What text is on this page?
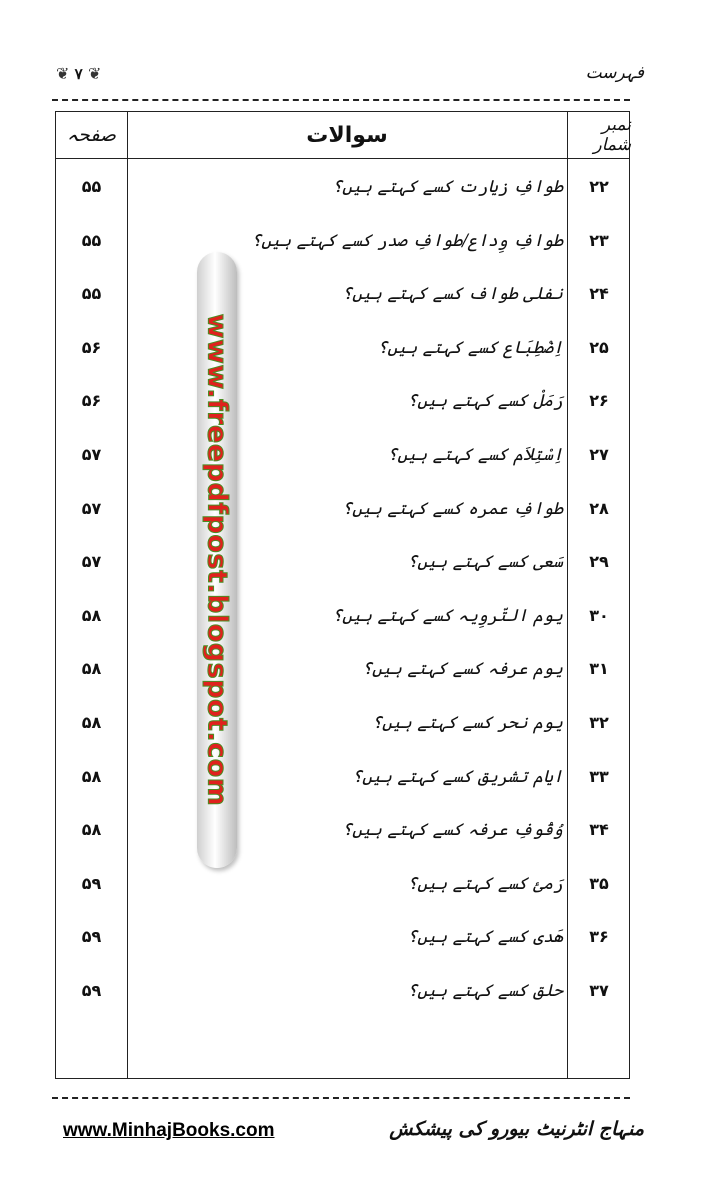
فہرست
❦ ۷ ❦
صفحہ	سوالات	نمبر شمار
۵۵	طوافِ زیارت کسے کہتے ہیں؟	۲۲
۵۵	طوافِ وِداع/طوافِ صدر کسے کہتے ہیں؟	۲۳
۵۵	نفلی طواف کسے کہتے ہیں؟	۲۴
۵۶	اِضْطِبَاع کسے کہتے ہیں؟	۲۵
۵۶	رَمَلْ کسے کہتے ہیں؟	۲۶
۵۷	اِسْتِلاَم کسے کہتے ہیں؟	۲۷
۵۷	طوافِ عمرہ کسے کہتے ہیں؟	۲۸
۵۷	سَعی کسے کہتے ہیں؟	۲۹
۵۸	یوم التّروِیہ کسے کہتے ہیں؟	۳۰
۵۸	یوم عرفہ کسے کہتے ہیں؟	۳۱
۵۸	یوم نحر کسے کہتے ہیں؟	۳۲
۵۸	ایام تشریق کسے کہتے ہیں؟	۳۳
۵۸	وُقُوفِ عرفہ کسے کہتے ہیں؟	۳۴
۵۹	رَمیٔ کسے کہتے ہیں؟	۳۵
۵۹	ھَدی کسے کہتے ہیں؟	۳۶
۵۹	حلق کسے کہتے ہیں؟	۳۷
www.freepdfpost.blogspot.com
www.MinhajBooks.com	منہاج انٹرنیٹ بیورو کی پیشکش
